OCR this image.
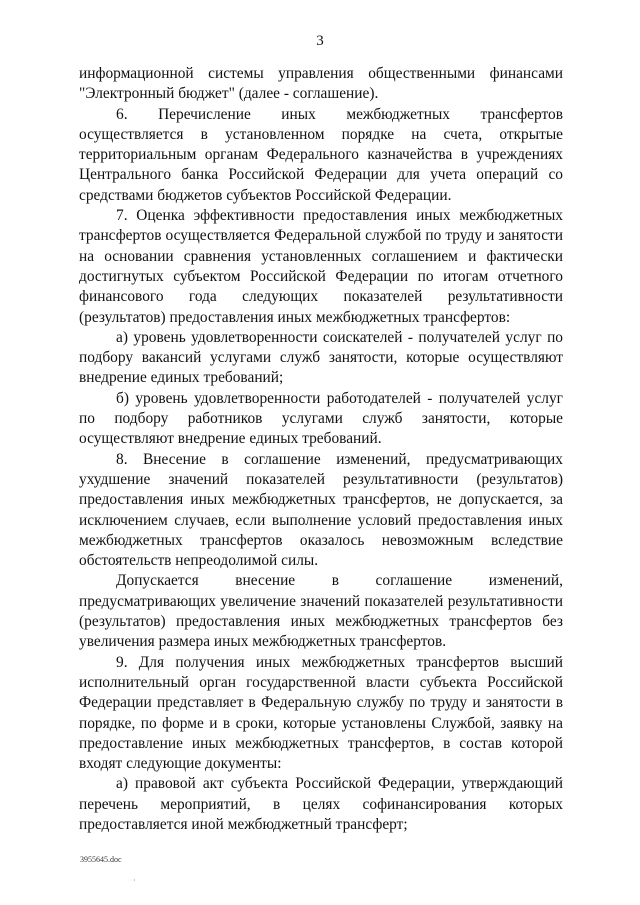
3

информационной системы управления общественными финансами "Электронный бюджет" (далее - соглашение).

6. Перечисление иных межбюджетных трансфертов осуществляется в установленном порядке на счета, открытые территориальным органам Федерального казначейства в учреждениях Центрального банка Российской Федерации для учета операций со средствами бюджетов субъектов Российской Федерации.

7. Оценка эффективности предоставления иных межбюджетных трансфертов осуществляется Федеральной службой по труду и занятости на основании сравнения установленных соглашением и фактически достигнутых субъектом Российской Федерации по итогам отчетного финансового года следующих показателей результативности (результатов) предоставления иных межбюджетных трансфертов:

а) уровень удовлетворенности соискателей - получателей услуг по подбору вакансий услугами служб занятости, которые осуществляют внедрение единых требований;

б) уровень удовлетворенности работодателей - получателей услуг по подбору работников услугами служб занятости, которые осуществляют внедрение единых требований.

8. Внесение в соглашение изменений, предусматривающих ухудшение значений показателей результативности (результатов) предоставления иных межбюджетных трансфертов, не допускается, за исключением случаев, если выполнение условий предоставления иных межбюджетных трансфертов оказалось невозможным вследствие обстоятельств непреодолимой силы.

Допускается внесение в соглашение изменений, предусматривающих увеличение значений показателей результативности (результатов) предоставления иных межбюджетных трансфертов без увеличения размера иных межбюджетных трансфертов.

9. Для получения иных межбюджетных трансфертов высший исполнительный орган государственной власти субъекта Российской Федерации представляет в Федеральную службу по труду и занятости в порядке, по форме и в сроки, которые установлены Службой, заявку на предоставление иных межбюджетных трансфертов, в состав которой входят следующие документы:

а) правовой акт субъекта Российской Федерации, утверждающий перечень мероприятий, в целях софинансирования которых предоставляется иной межбюджетный трансферт;

3955645.doc
·
